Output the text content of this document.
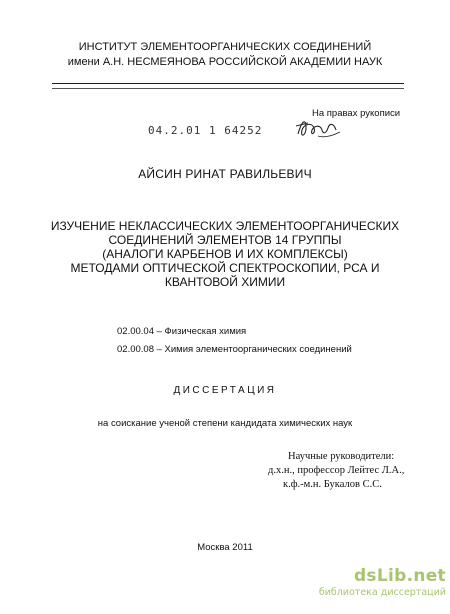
ИНСТИТУТ ЭЛЕМЕНТООРГАНИЧЕСКИХ СОЕДИНЕНИЙ
имени А.Н. НЕСМЕЯНОВА РОССИЙСКОЙ АКАДЕМИИ НАУК
На правах рукописи
04.2.01 1 64252
АЙСИН РИНАТ РАВИЛЬЕВИЧ
ИЗУЧЕНИЕ НЕКЛАССИЧЕСКИХ ЭЛЕМЕНТООРГАНИЧЕСКИХ
СОЕДИНЕНИЙ ЭЛЕМЕНТОВ 14 ГРУППЫ
(АНАЛОГИ КАРБЕНОВ И ИХ КОМПЛЕКСЫ)
МЕТОДАМИ ОПТИЧЕСКОЙ СПЕКТРОСКОПИИ, РСА И
КВАНТОВОЙ ХИМИИ
02.00.04 – Физическая химия
02.00.08 – Химия элементоорганических соединений
ДИССЕРТАЦИЯ
на соискание ученой степени кандидата химических наук
Научные руководители:
д.х.н., профессор Лейтес Л.А.,
к.ф.-м.н. Букалов С.С.
Москва 2011
dsLib.net
библиотека диссертаций
